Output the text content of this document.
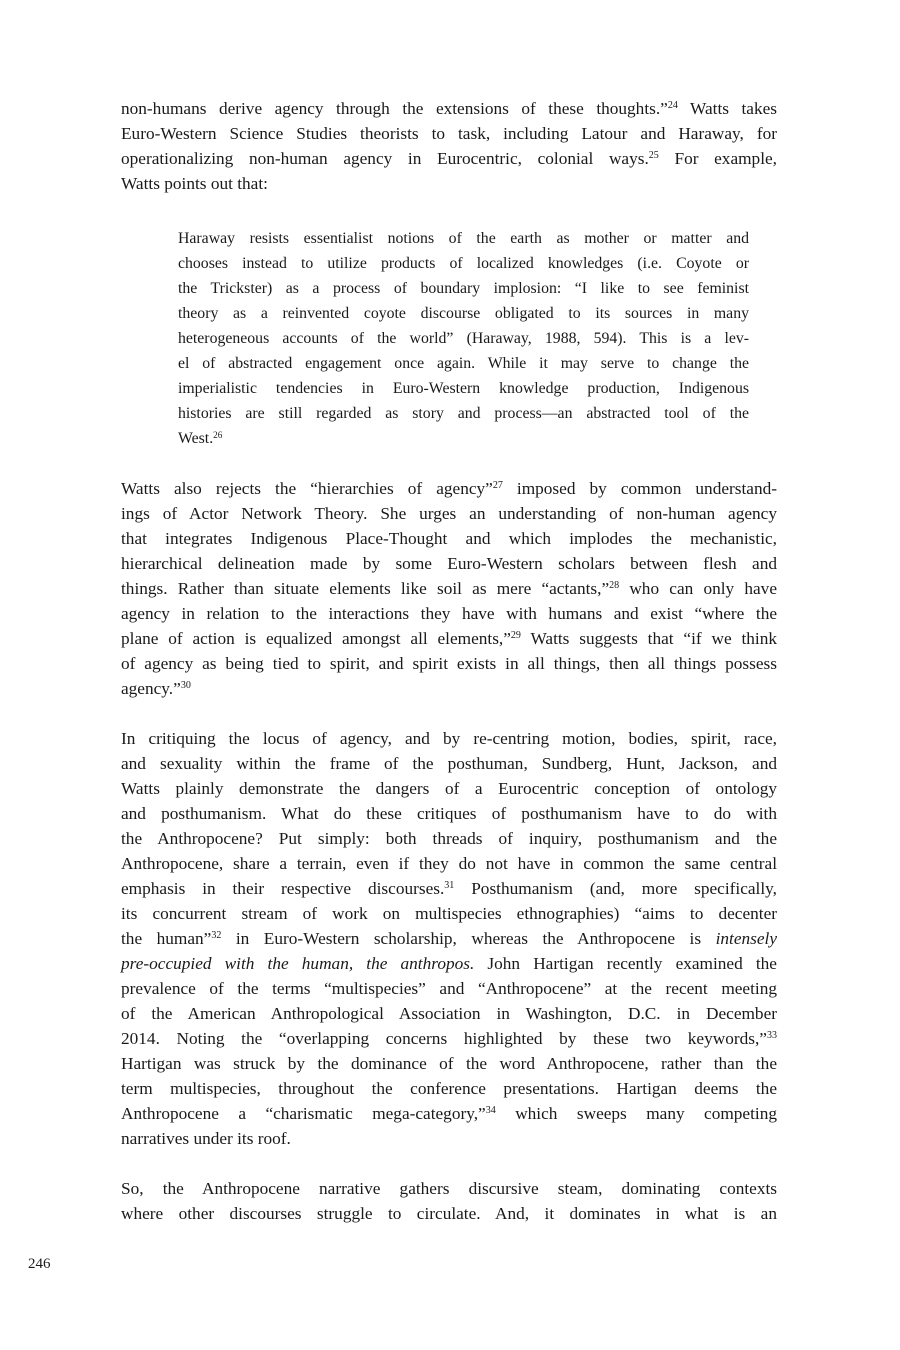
non-humans derive agency through the extensions of these thoughts.”$^{24}$ Watts takes
Euro-Western Science Studies theorists to task, including Latour and Haraway, for
operationalizing non-human agency in Eurocentric, colonial ways.$^{25}$ For example,
Watts points out that:
Haraway resists essentialist notions of the earth as mother or matter and
chooses instead to utilize products of localized knowledges (i.e. Coyote or
the Trickster) as a process of boundary implosion: “I like to see feminist
theory as a reinvented coyote discourse obligated to its sources in many
heterogeneous accounts of the world” (Haraway, 1988, 594). This is a lev-
el of abstracted engagement once again. While it may serve to change the
imperialistic tendencies in Euro-Western knowledge production, Indigenous
histories are still regarded as story and process—an abstracted tool of the
West.$^{26}$
Watts also rejects the “hierarchies of agency”$^{27}$ imposed by common understand-
ings of Actor Network Theory. She urges an understanding of non-human agency
that integrates Indigenous Place-Thought and which implodes the mechanistic,
hierarchical delineation made by some Euro-Western scholars between flesh and
things. Rather than situate elements like soil as mere “actants,”$^{28}$ who can only have
agency in relation to the interactions they have with humans and exist “where the
plane of action is equalized amongst all elements,”$^{29}$ Watts suggests that “if we think
of agency as being tied to spirit, and spirit exists in all things, then all things possess
agency.”$^{30}$
In critiquing the locus of agency, and by re-centring motion, bodies, spirit, race,
and sexuality within the frame of the posthuman, Sundberg, Hunt, Jackson, and
Watts plainly demonstrate the dangers of a Eurocentric conception of ontology
and posthumanism. What do these critiques of posthumanism have to do with
the Anthropocene? Put simply: both threads of inquiry, posthumanism and the
Anthropocene, share a terrain, even if they do not have in common the same central
emphasis in their respective discourses.$^{31}$ Posthumanism (and, more specifically,
its concurrent stream of work on multispecies ethnographies) “aims to decenter
the human”$^{32}$ in Euro-Western scholarship, whereas the Anthropocene is intensely
pre-occupied with the human, the anthropos. John Hartigan recently examined the
prevalence of the terms “multispecies” and “Anthropocene” at the recent meeting
of the American Anthropological Association in Washington, D.C. in December
2014. Noting the “overlapping concerns highlighted by these two keywords,”$^{33}$
Hartigan was struck by the dominance of the word Anthropocene, rather than the
term multispecies, throughout the conference presentations. Hartigan deems the
Anthropocene a “charismatic mega-category,”$^{34}$ which sweeps many competing
narratives under its roof.
So, the Anthropocene narrative gathers discursive steam, dominating contexts
where other discourses struggle to circulate. And, it dominates in what is an
246
